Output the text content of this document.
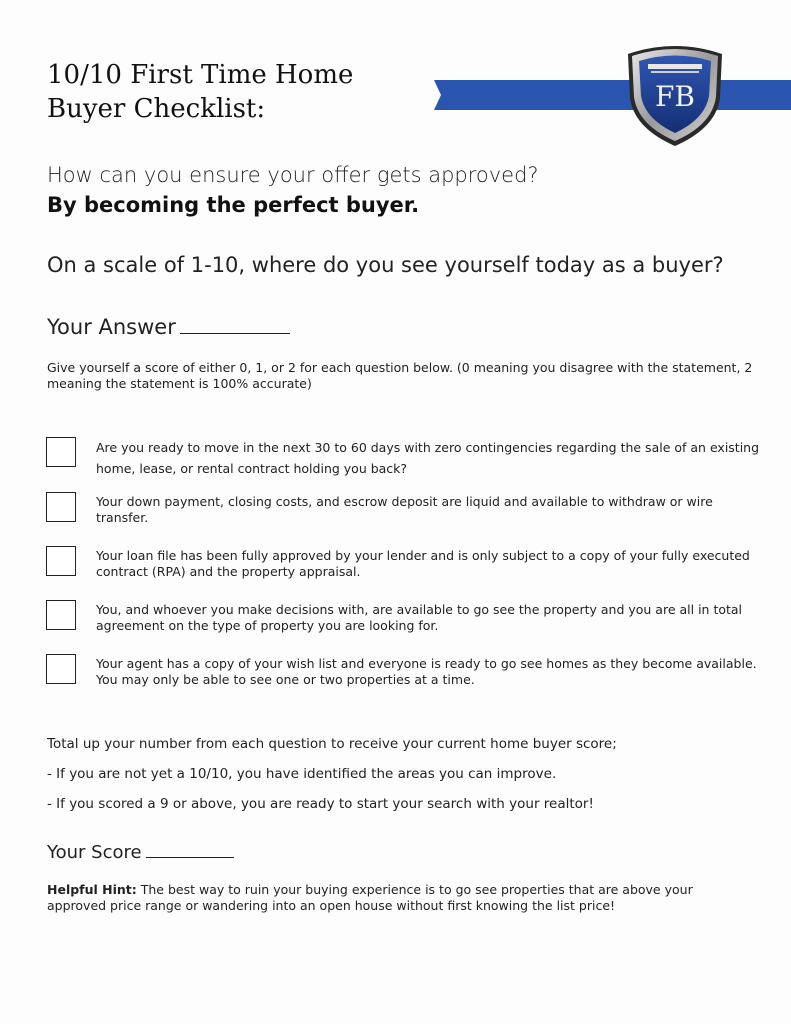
10/10 First Time Home
Buyer Checklist:	FB

How can you ensure your offer gets approved?

By becoming the perfect buyer.

On a scale of 1-10, where do you see yourself today as a buyer?

Your Answer

Give yourself a score of either 0, 1, or 2 for each question below. (0 meaning you disagree with the statement, 2 meaning the statement is 100% accurate)

Are you ready to move in the next 30 to 60 days with zero contingencies regarding the sale of an existing home, lease, or rental contract holding you back?
Your down payment, closing costs, and escrow deposit are liquid and available to withdraw or wire transfer.
Your loan file has been fully approved by your lender and is only subject to a copy of your fully executed contract (RPA) and the property appraisal.
You, and whoever you make decisions with, are available to go see the property and you are all in total agreement on the type of property you are looking for.
Your agent has a copy of your wish list and everyone is ready to go see homes as they become available. You may only be able to see one or two properties at a time.

Total up your number from each question to receive your current home buyer score;

- If you are not yet a 10/10, you have identified the areas you can improve.

- If you scored a 9 or above, you are ready to start your search with your realtor!

Your Score

Helpful Hint: The best way to ruin your buying experience is to go see properties that are above your approved price range or wandering into an open house without first knowing the list price!
